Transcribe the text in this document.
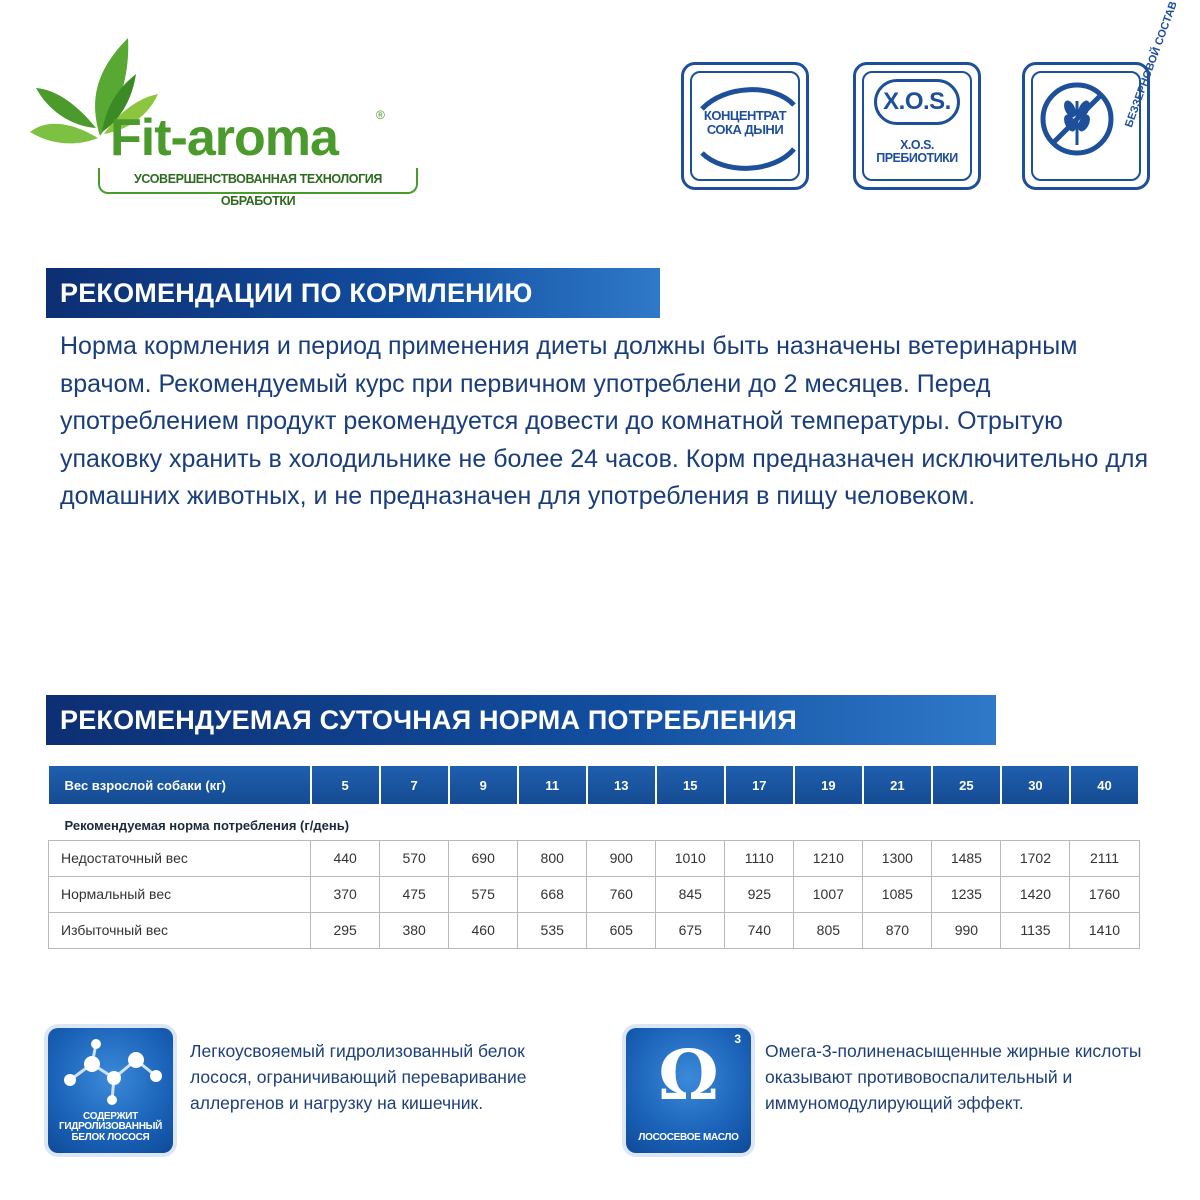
Fit-aroma	®
УСОВЕРШЕНСТВОВАННАЯ ТЕХНОЛОГИЯ ОБРАБОТКИ
КОНЦЕНТРАТ
СОКА ДЫНИ
X.O.S.
X.O.S.
ПРЕБИОТИКИ
БЕЗЗЕРНОВОЙ СОСТАВ
РЕКОМЕНДАЦИИ ПО КОРМЛЕНИЮ

Норма кормления и период применения диеты должны быть назначены ветеринарным врачом. Рекомендуемый курс при первичном употреблени до 2 месяцев. Перед употреблением продукт рекомендуется довести до комнатной температуры. Отрытую упаковку хранить в холодильнике не более 24 часов. Корм предназначен исключительно для домашних животных, и не предназначен для употребления в пищу человеком.

РЕКОМЕНДУЕМАЯ СУТОЧНАЯ НОРМА ПОТРЕБЛЕНИЯ
Вес взрослой собаки (кг)	5	7	9	11	13	15	17	19	21	25	30	40
Рекомендуемая норма потребления (г/день)												
Недостаточный вес	440	570	690	800	900	1010	1110	1210	1300	1485	1702	2111
Нормальный вес	370	475	575	668	760	845	925	1007	1085	1235	1420	1760
Избыточный вес	295	380	460	535	605	675	740	805	870	990	1135	1410
СОДЕРЖИТ ГИДРОЛИЗОВАННЫЙ БЕЛОК ЛОСОСЯ

Легкоусвояемый гидролизованный белок лосося, ограничивающий переваривание аллергенов и нагрузку на кишечник.	Ω	3
ЛОСОСЕВОЕ МАСЛО

Омега-3-полиненасыщенные жирные кислоты оказывают противовоспалительный и иммуномодулирующий эффект.
